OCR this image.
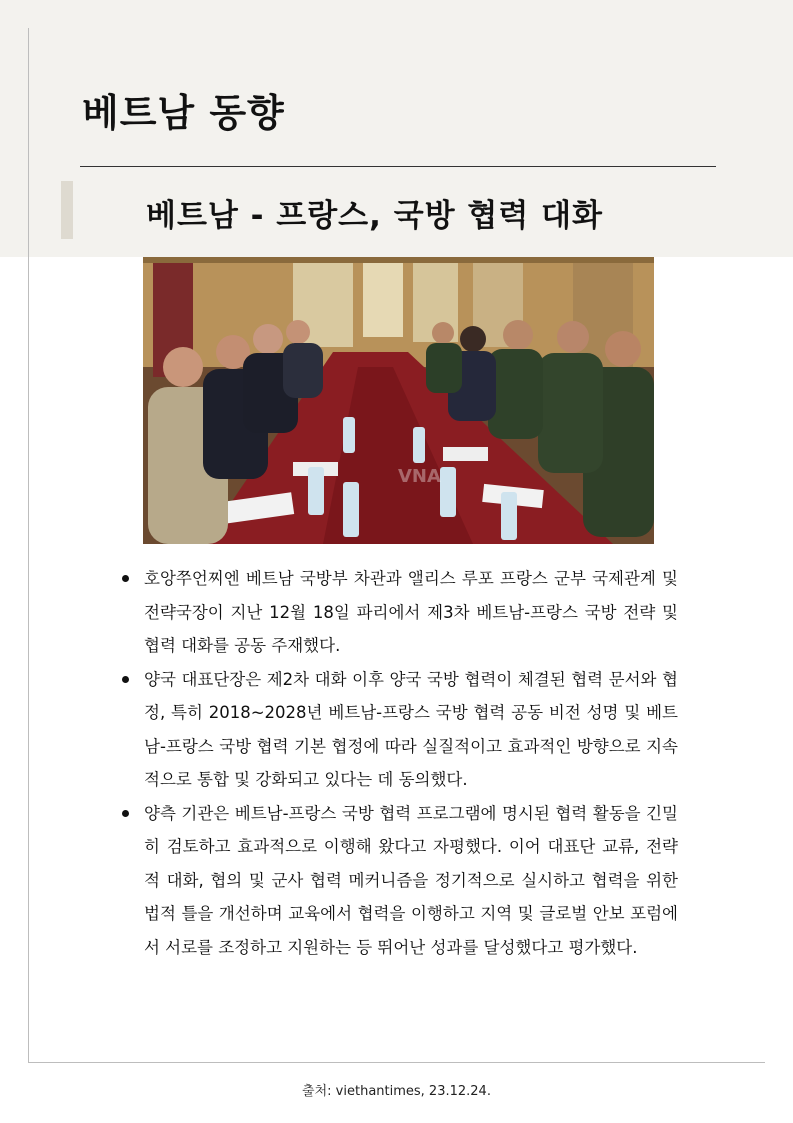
베트남 동향
베트남 - 프랑스, 국방 협력 대화
VNA
호앙쭈언찌엔 베트남 국방부 차관과 앨리스 루포 프랑스 군부 국제관계 및 전략국장이 지난 12월 18일 파리에서 제3차 베트남-프랑스 국방 전략 및 협력 대화를 공동 주재했다.
양국 대표단장은 제2차 대화 이후 양국 국방 협력이 체결된 협력 문서와 협정, 특히 2018~2028년 베트남-프랑스 국방 협력 공동 비전 성명 및 베트남-프랑스 국방 협력 기본 협정에 따라 실질적이고 효과적인 방향으로 지속적으로 통합 및 강화되고 있다는 데 동의했다.
양측 기관은 베트남-프랑스 국방 협력 프로그램에 명시된 협력 활동을 긴밀히 검토하고 효과적으로 이행해 왔다고 자평했다. 이어 대표단 교류, 전략적 대화, 협의 및 군사 협력 메커니즘을 정기적으로 실시하고 협력을 위한 법적 틀을 개선하며 교육에서 협력을 이행하고 지역 및 글로벌 안보 포럼에서 서로를 조정하고 지원하는 등 뛰어난 성과를 달성했다고 평가했다.
출처: viethantimes, 23.12.24.
